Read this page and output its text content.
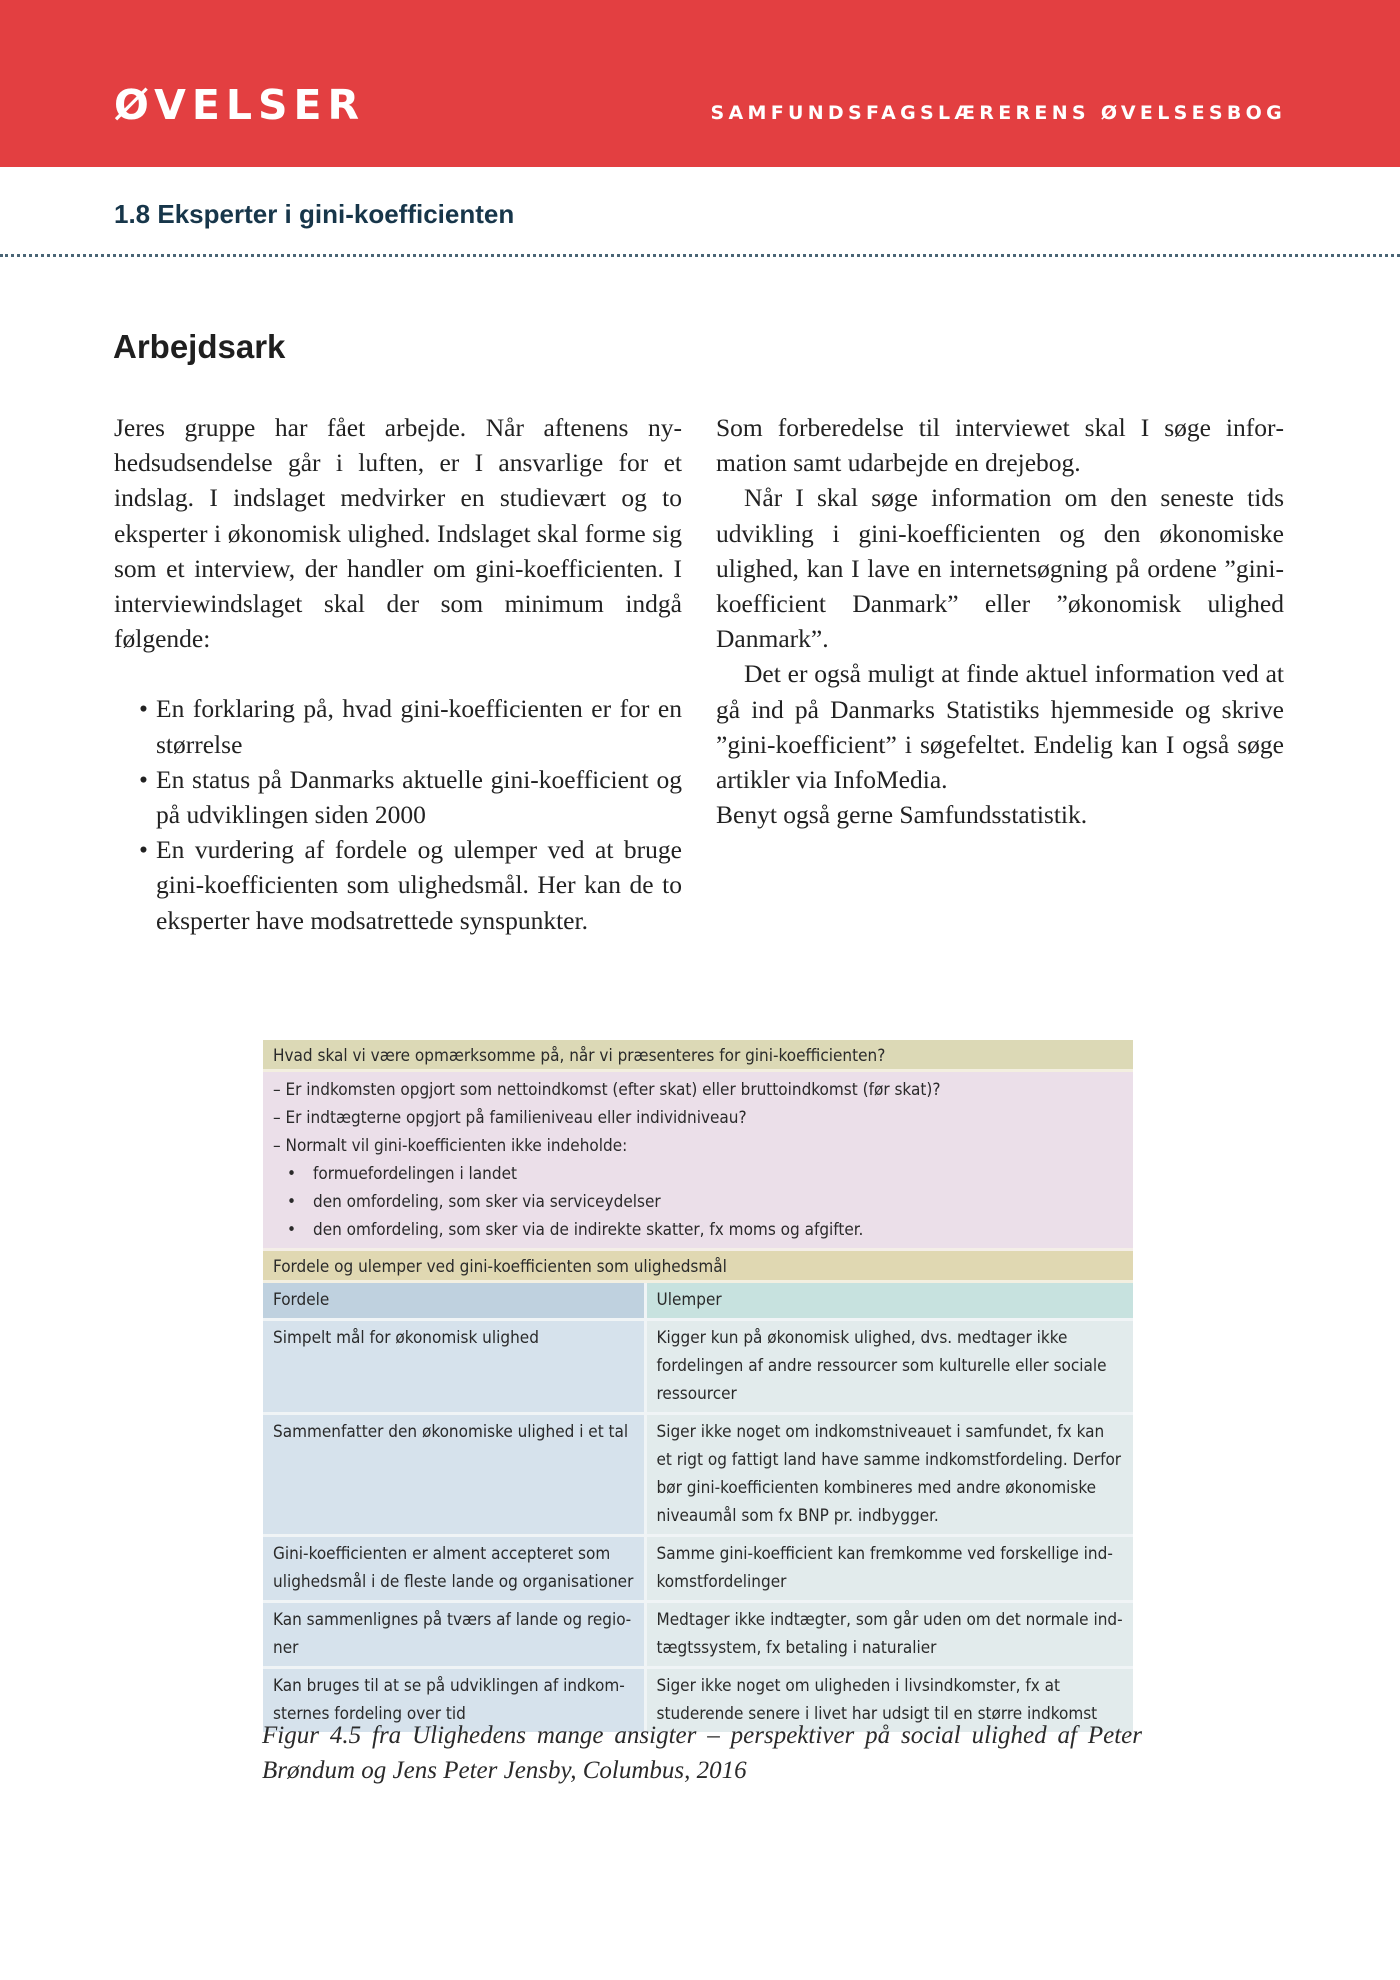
ØVELSER	SAMFUNDSFAGSLÆRERENS ØVELSESBOG
1.8 Eksperter i gini-koefficienten
Arbejdsark

Jeres gruppe har fået arbejde. Når aftenens nyhedsudsendelse går i luften, er I ansvarlige for et indslag. I indslaget medvirker en studievært og to eksperter i økonomisk ulighed. Indslaget skal forme sig som et interview, der handler om gini-koefficienten. I interviewindslaget skal der som minimum indgå følgende:

• En forklaring på, hvad gini-koefficienten er for en størrelse
• En status på Danmarks aktuelle gini-koefficient og på udviklingen siden 2000
• En vurdering af fordele og ulemper ved at bruge gini-koefficienten som ulighedsmål. Her kan de to eksperter have modsatrettede synspunkter.

Som forberedelse til interviewet skal I søge information samt udarbejde en drejebog.

Når I skal søge information om den seneste tids udvikling i gini-koefficienten og den økonomiske ulighed, kan I lave en internetsøgning på ordene ”gini-koefficient Danmark” eller ”økonomisk ulighed Danmark”.

Det er også muligt at finde aktuel information ved at gå ind på Danmarks Statistiks hjemmeside og skrive ”gini-koefficient” i søgefeltet. Endelig kan I også søge artikler via InfoMedia.

Benyt også gerne Samfundsstatistik.

Hvad skal vi være opmærksomme på, når vi præsenteres for gini-koefficienten?
– Er indkomsten opgjort som nettoindkomst (efter skat) eller bruttoindkomst (før skat)?
– Er indtægterne opgjort på familieniveau eller individniveau?
– Normalt vil gini-koefficienten ikke indeholde:
• formuefordelingen i landet
• den omfordeling, som sker via serviceydelser
• den omfordeling, som sker via de indirekte skatter, fx moms og afgifter.
Fordele og ulemper ved gini-koefficienten som ulighedsmål
Fordele	Ulemper
Simpelt mål for økonomisk ulighed	Kigger kun på økonomisk ulighed, dvs. medtager ikke fordelingen af andre ressourcer som kulturelle eller sociale ressourcer
Sammenfatter den økonomiske ulighed i et tal	Siger ikke noget om indkomstniveauet i samfundet, fx kan et rigt og fattigt land have samme indkomstfordeling. Derfor bør gini-koefficienten kombineres med andre økonomiske niveaumål som fx BNP pr. indbygger.
Gini-koefficienten er alment accepteret som ulighedsmål i de fleste lande og organisationer	Samme gini-koefficient kan fremkomme ved forskellige indkomstfordelinger
Kan sammenlignes på tværs af lande og regioner	Medtager ikke indtægter, som går uden om det normale indtægtssystem, fx betaling i naturalier
Kan bruges til at se på udviklingen af indkomsternes fordeling over tid	Siger ikke noget om uligheden i livsindkomster, fx at studerende senere i livet har udsigt til en større indkomst
Figur 4.5 fra Ulighedens mange ansigter – perspektiver på social ulighed af Peter Brøndum og Jens Peter Jensby, Columbus, 2016
